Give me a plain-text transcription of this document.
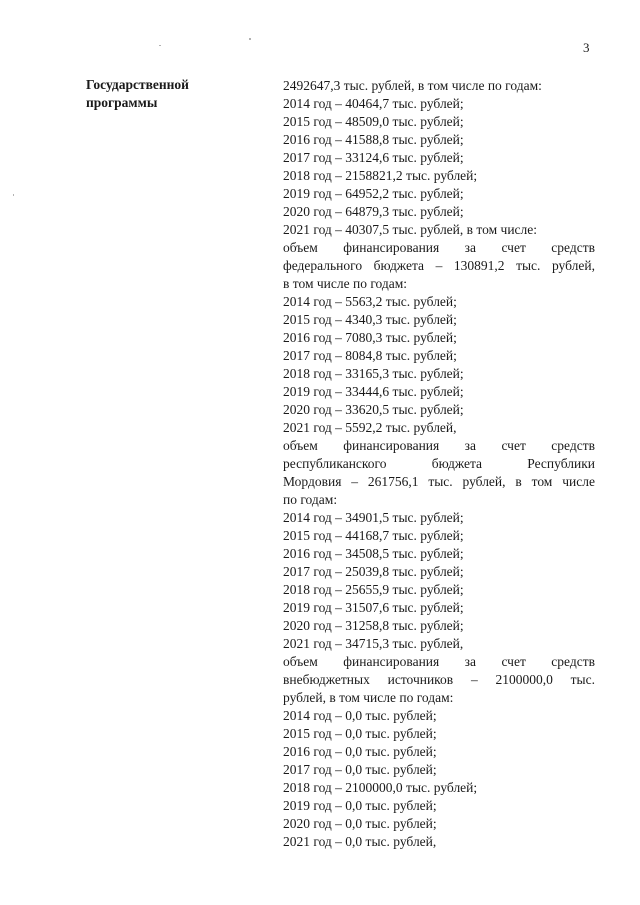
3
Государственной
программы
2492647,3 тыс. рублей, в том числе по годам:
2014 год – 40464,7 тыс. рублей;
2015 год – 48509,0 тыс. рублей;
2016 год – 41588,8 тыс. рублей;
2017 год – 33124,6 тыс. рублей;
2018 год – 2158821,2 тыс. рублей;
2019 год – 64952,2 тыс. рублей;
2020 год – 64879,3 тыс. рублей;
2021 год – 40307,5 тыс. рублей, в том числе:
объем финансирования за счет средств
федерального бюджета – 130891,2 тыс. рублей,
в том числе по годам:
2014 год – 5563,2 тыс. рублей;
2015 год – 4340,3 тыс. рублей;
2016 год – 7080,3 тыс. рублей;
2017 год – 8084,8 тыс. рублей;
2018 год – 33165,3 тыс. рублей;
2019 год – 33444,6 тыс. рублей;
2020 год – 33620,5 тыс. рублей;
2021 год – 5592,2 тыс. рублей,
объем финансирования за счет средств
республиканского	бюджета	Республики
Мордовия – 261756,1 тыс. рублей, в том числе
по годам:
2014 год – 34901,5 тыс. рублей;
2015 год – 44168,7 тыс. рублей;
2016 год – 34508,5 тыс. рублей;
2017 год – 25039,8 тыс. рублей;
2018 год – 25655,9 тыс. рублей;
2019 год – 31507,6 тыс. рублей;
2020 год – 31258,8 тыс. рублей;
2021 год – 34715,3 тыс. рублей,
объем финансирования за счет средств
внебюджетных источников – 2100000,0 тыс.
рублей, в том числе по годам:
2014 год – 0,0 тыс. рублей;
2015 год – 0,0 тыс. рублей;
2016 год – 0,0 тыс. рублей;
2017 год – 0,0 тыс. рублей;
2018 год – 2100000,0 тыс. рублей;
2019 год – 0,0 тыс. рублей;
2020 год – 0,0 тыс. рублей;
2021 год – 0,0 тыс. рублей,
